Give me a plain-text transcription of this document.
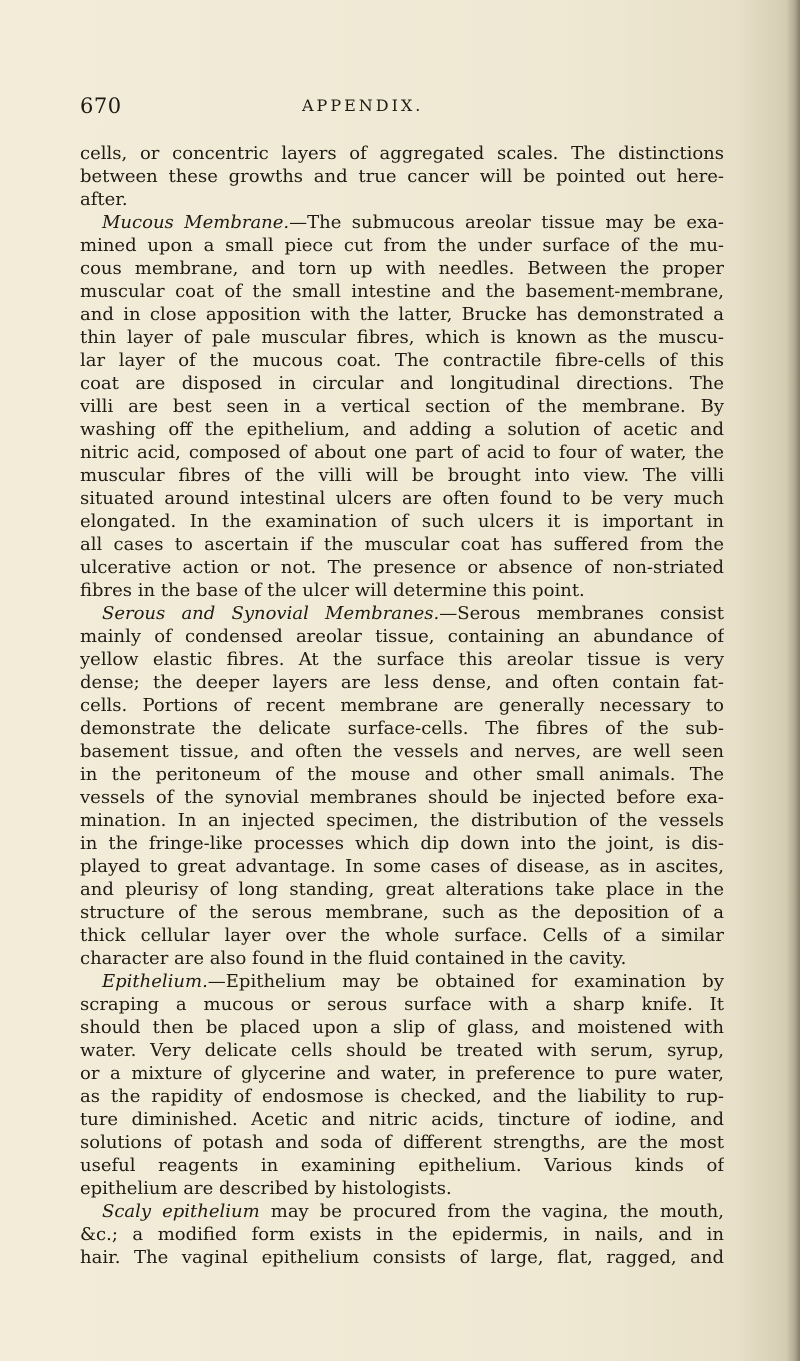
670	APPENDIX.
cells, or concentric layers of aggregated scales. The distinctions
between these growths and true cancer will be pointed out here-
after.
Mucous Membrane.—The submucous areolar tissue may be exa-
mined upon a small piece cut from the under surface of the mu-
cous membrane, and torn up with needles. Between the proper
muscular coat of the small intestine and the basement-membrane,
and in close apposition with the latter, Brucke has demonstrated a
thin layer of pale muscular fibres, which is known as the muscu-
lar layer of the mucous coat. The contractile fibre-cells of this
coat are disposed in circular and longitudinal directions. The
villi are best seen in a vertical section of the membrane. By
washing off the epithelium, and adding a solution of acetic and
nitric acid, composed of about one part of acid to four of water, the
muscular fibres of the villi will be brought into view. The villi
situated around intestinal ulcers are often found to be very much
elongated. In the examination of such ulcers it is important in
all cases to ascertain if the muscular coat has suffered from the
ulcerative action or not. The presence or absence of non-striated
fibres in the base of the ulcer will determine this point.
Serous and Synovial Membranes.—Serous membranes consist
mainly of condensed areolar tissue, containing an abundance of
yellow elastic fibres. At the surface this areolar tissue is very
dense; the deeper layers are less dense, and often contain fat-
cells. Portions of recent membrane are generally necessary to
demonstrate the delicate surface-cells. The fibres of the sub-
basement tissue, and often the vessels and nerves, are well seen
in the peritoneum of the mouse and other small animals. The
vessels of the synovial membranes should be injected before exa-
mination. In an injected specimen, the distribution of the vessels
in the fringe-like processes which dip down into the joint, is dis-
played to great advantage. In some cases of disease, as in ascites,
and pleurisy of long standing, great alterations take place in the
structure of the serous membrane, such as the deposition of a
thick cellular layer over the whole surface. Cells of a similar
character are also found in the fluid contained in the cavity.
Epithelium.—Epithelium may be obtained for examination by
scraping a mucous or serous surface with a sharp knife. It
should then be placed upon a slip of glass, and moistened with
water. Very delicate cells should be treated with serum, syrup,
or a mixture of glycerine and water, in preference to pure water,
as the rapidity of endosmose is checked, and the liability to rup-
ture diminished. Acetic and nitric acids, tincture of iodine, and
solutions of potash and soda of different strengths, are the most
useful reagents in examining epithelium. Various kinds of
epithelium are described by histologists.
Scaly epithelium may be procured from the vagina, the mouth,
&c.; a modified form exists in the epidermis, in nails, and in
hair. The vaginal epithelium consists of large, flat, ragged, and
